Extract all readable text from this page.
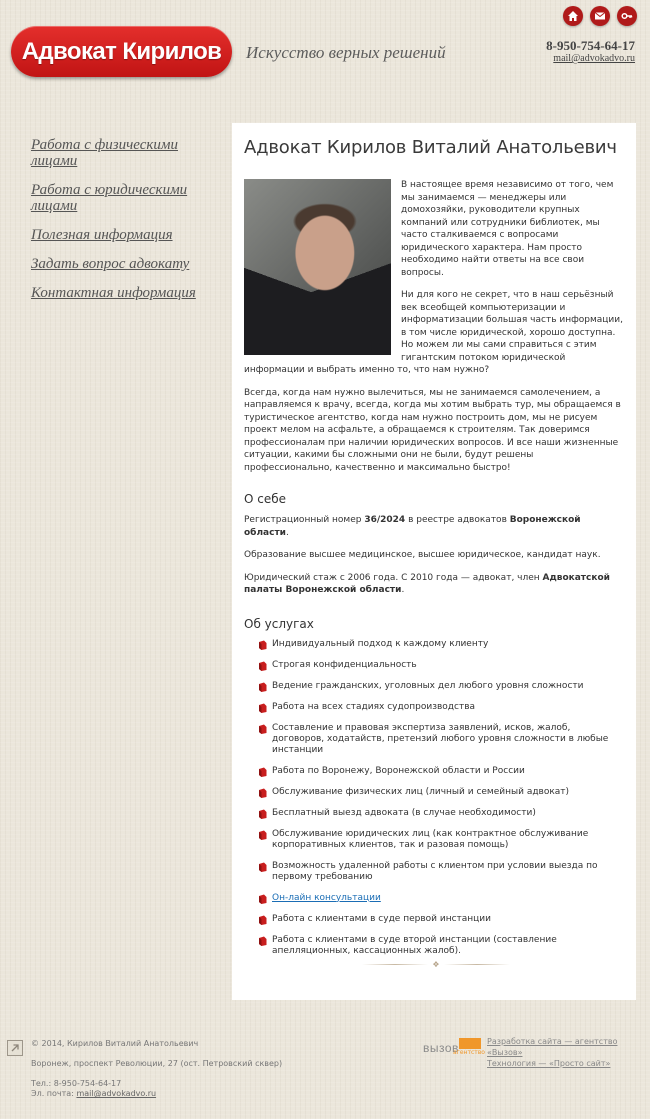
Адвокат Кирилов Искусство верных решений	8-950-754-64-17
mail@advokadvo.ru
Работа с физическими лицами
Работа с юридическими лицами
Полезная информация
Задать вопрос адвокату
Контактная информация
Адвокат Кирилов Виталий Анатольевич

В настоящее время независимо от того, чем мы занимаемся — менеджеры или домохозяйки, руководители крупных компаний или сотрудники библиотек, мы часто сталкиваемся с вопросами юридического характера. Нам просто необходимо найти ответы на все свои вопросы.

Ни для кого не секрет, что в наш серьёзный век всеобщей компьютеризации и информатизации большая часть информации, в том числе юридической, хорошо доступна. Но можем ли мы сами справиться с этим гигантским потоком юридической информации и выбрать именно то, что нам нужно?

Всегда, когда нам нужно вылечиться, мы не занимаемся самолечением, а направляемся к врачу, всегда, когда мы хотим выбрать тур, мы обращаемся в туристическое агентство, когда нам нужно построить дом, мы не рисуем проект мелом на асфальте, а обращаемся к строителям. Так доверимся профессионалам при наличии юридических вопросов. И все наши жизненные ситуации, какими бы сложными они не были, будут решены профессионально, качественно и максимально быстро!

О себе

Регистрационный номер 36/2024 в реестре адвокатов Воронежской области.

Образование высшее медицинское, высшее юридическое, кандидат наук.

Юридический стаж с 2006 года. С 2010 года — адвокат, член Адвокатской палаты Воронежской области.

Об услугах
Индивидуальный подход к каждому клиенту
Строгая конфиденциальность
Ведение гражданских, уголовных дел любого уровня сложности
Работа на всех стадиях судопроизводства
Составление и правовая экспертиза заявлений, исков, жалоб, договоров, ходатайств, претензий любого уровня сложности в любые инстанции
Работа по Воронежу, Воронежской области и России
Обслуживание физических лиц (личный и семейный адвокат)
Бесплатный выезд адвоката (в случае необходимости)
Обслуживание юридических лиц (как контрактное обслуживание корпоративных клиентов, так и разовая помощь)
Возможность удаленной работы с клиентом при условии выезда по первому требованию
Он-лайн консультации
Работа с клиентами в суде первой инстанции
Работа с клиентами в суде второй инстанции (составление апелляционных, кассационных жалоб).
❖
© 2014, Кирилов Виталий Анатольевич
Воронеж, проспект Революции, 27 (ост. Петровский сквер)
Тел.: 8-950-754-64-17
Эл. почта: mail@advokadvo.ru
вызов
агентство
Разработка сайта — агентство «Вызов»
Технология — «Просто сайт»
